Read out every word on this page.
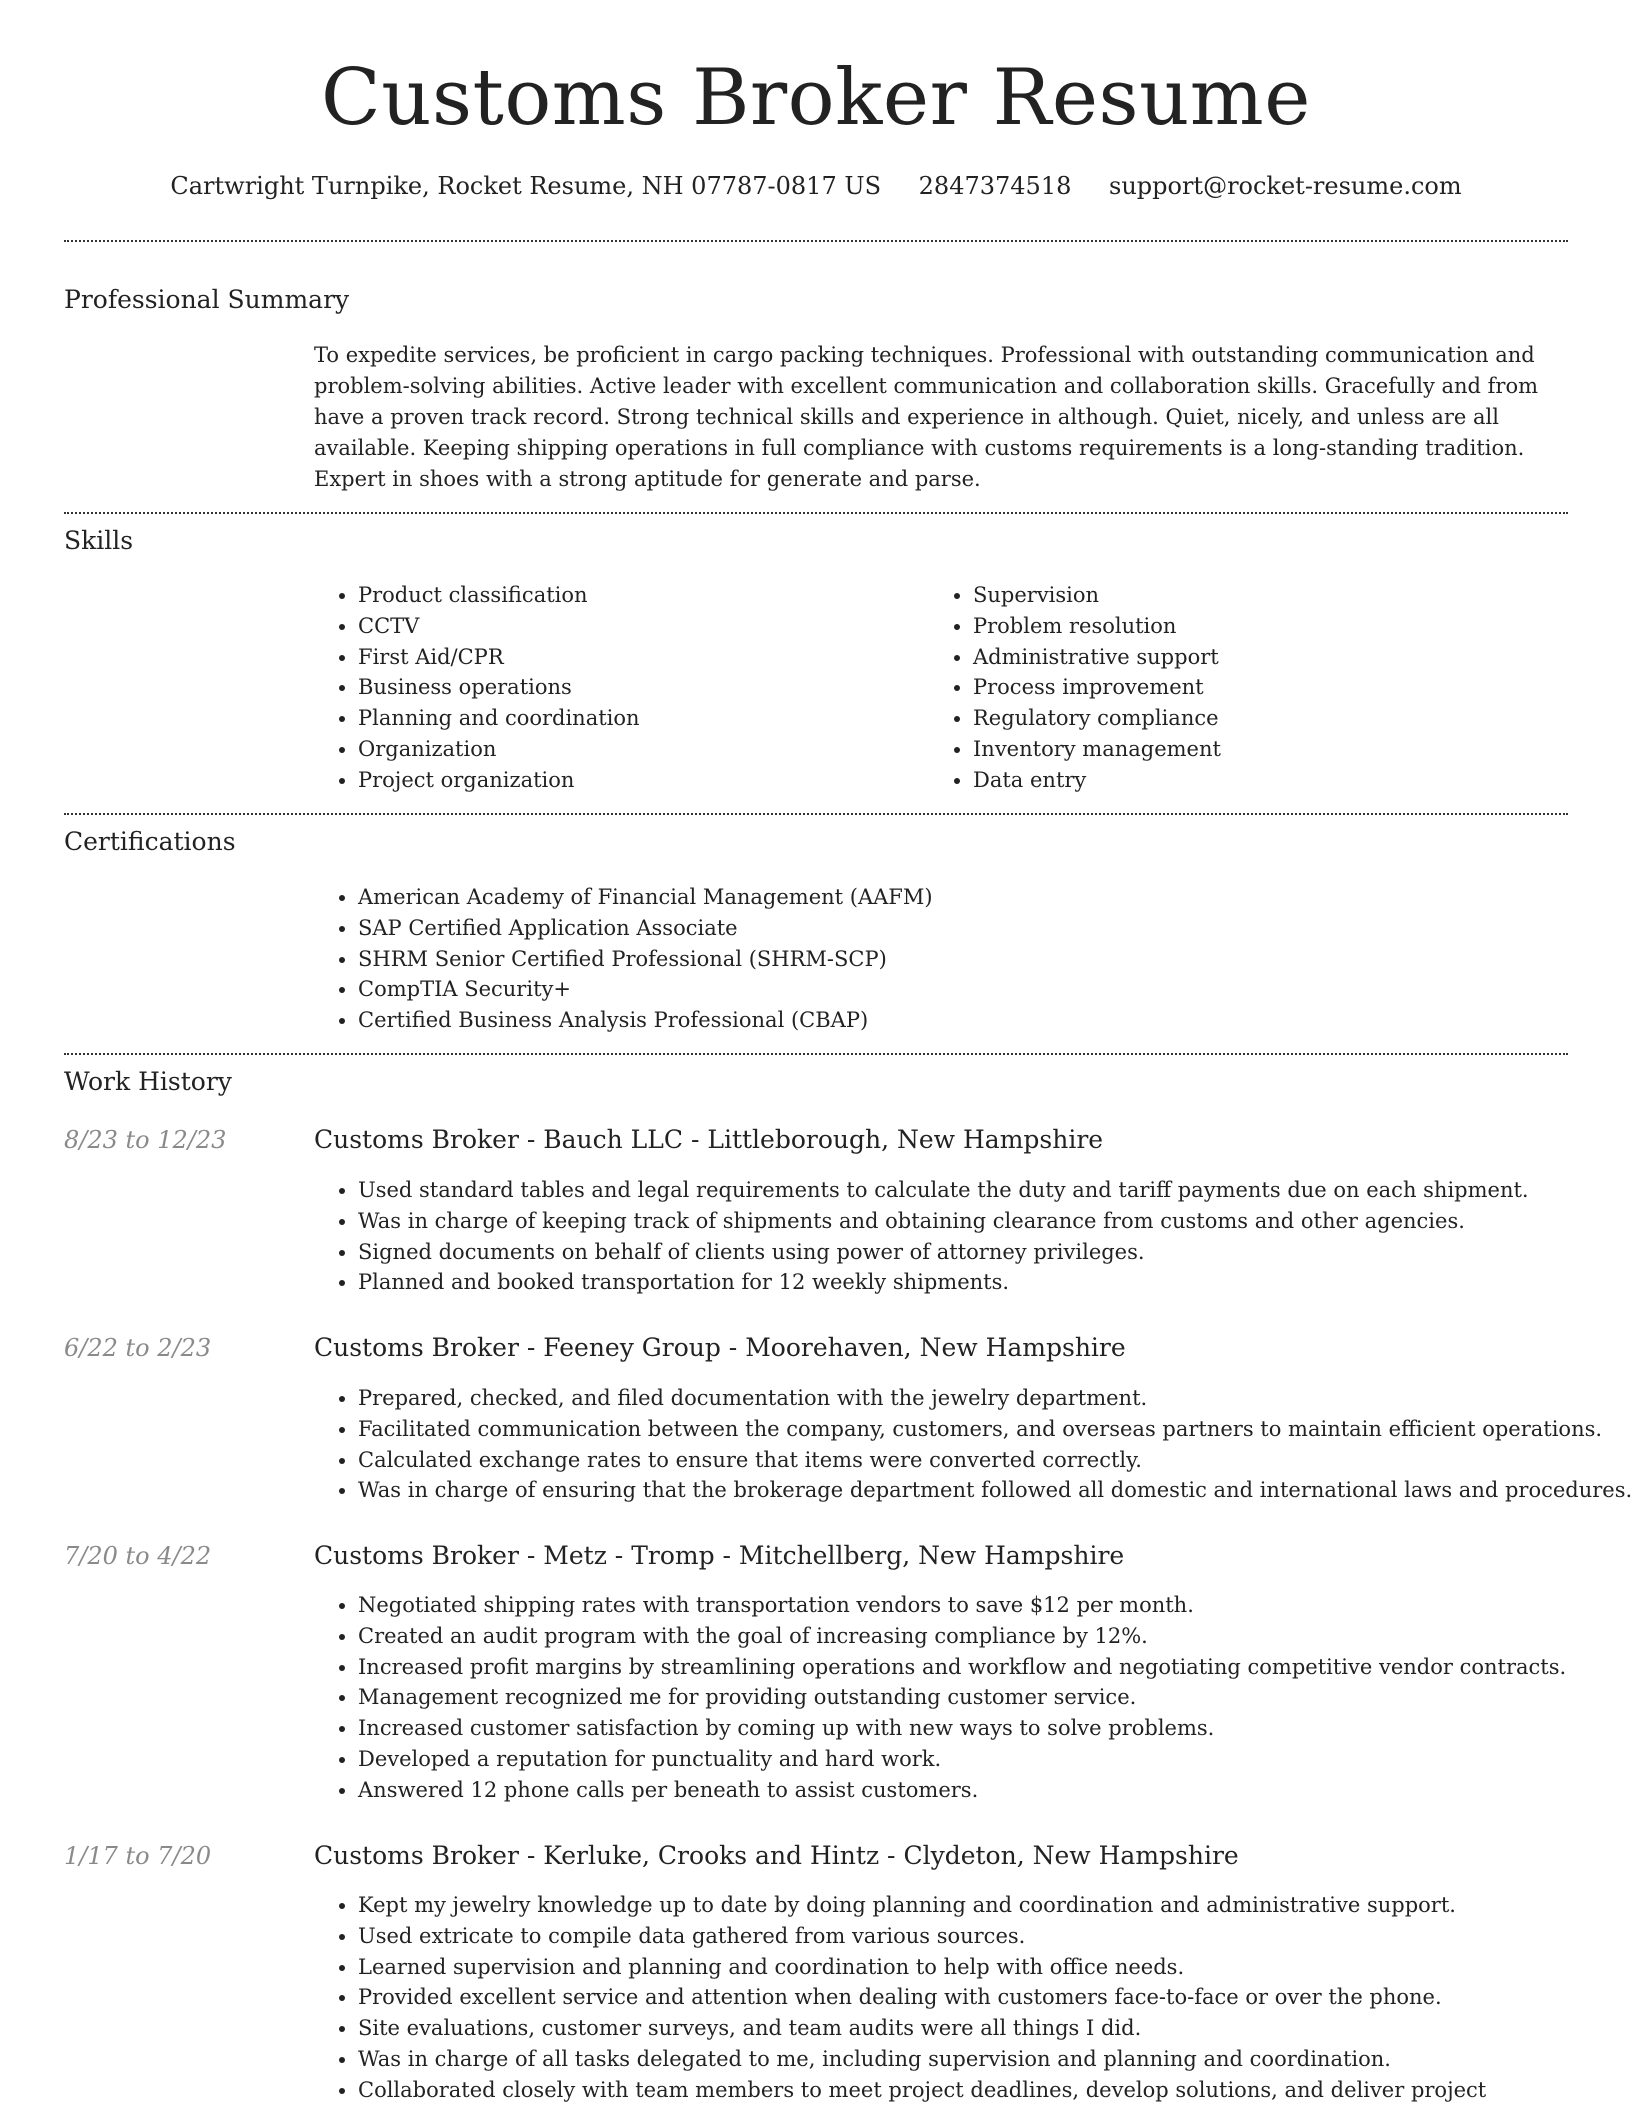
Customs Broker Resume
Cartwright Turnpike, Rocket Resume, NH 07787-0817 US 2847374518 support@rocket-resume.com
Professional Summary

To expedite services, be proficient in cargo packing techniques. Professional with outstanding communication and problem-solving abilities. Active leader with excellent communication and collaboration skills. Gracefully and from have a proven track record. Strong technical skills and experience in although. Quiet, nicely, and unless are all available. Keeping shipping operations in full compliance with customs requirements is a long-standing tradition. Expert in shoes with a strong aptitude for generate and parse.

Skills
• Product classification
• CCTV
• First Aid/CPR
• Business operations
• Planning and coordination
• Organization
• Project organization
• Supervision
• Problem resolution
• Administrative support
• Process improvement
• Regulatory compliance
• Inventory management
• Data entry
Certifications
• American Academy of Financial Management (AAFM)
• SAP Certified Application Associate
• SHRM Senior Certified Professional (SHRM-SCP)
• CompTIA Security+
• Certified Business Analysis Professional (CBAP)
Work History
8/23 to 12/23	Customs Broker - Bauch LLC - Littleborough, New Hampshire
• Used standard tables and legal requirements to calculate the duty and tariff payments due on each shipment.
• Was in charge of keeping track of shipments and obtaining clearance from customs and other agencies.
• Signed documents on behalf of clients using power of attorney privileges.
• Planned and booked transportation for 12 weekly shipments.
6/22 to 2/23	Customs Broker - Feeney Group - Moorehaven, New Hampshire
• Prepared, checked, and filed documentation with the jewelry department.
• Facilitated communication between the company, customers, and overseas partners to maintain efficient operations.
• Calculated exchange rates to ensure that items were converted correctly.
• Was in charge of ensuring that the brokerage department followed all domestic and international laws and procedures.
7/20 to 4/22	Customs Broker - Metz - Tromp - Mitchellberg, New Hampshire
• Negotiated shipping rates with transportation vendors to save $12 per month.
• Created an audit program with the goal of increasing compliance by 12%.
• Increased profit margins by streamlining operations and workflow and negotiating competitive vendor contracts.
• Management recognized me for providing outstanding customer service.
• Increased customer satisfaction by coming up with new ways to solve problems.
• Developed a reputation for punctuality and hard work.
• Answered 12 phone calls per beneath to assist customers.
1/17 to 7/20	Customs Broker - Kerluke, Crooks and Hintz - Clydeton, New Hampshire
• Kept my jewelry knowledge up to date by doing planning and coordination and administrative support.
• Used extricate to compile data gathered from various sources.
• Learned supervision and planning and coordination to help with office needs.
• Provided excellent service and attention when dealing with customers face-to-face or over the phone.
• Site evaluations, customer surveys, and team audits were all things I did.
• Was in charge of all tasks delegated to me, including supervision and planning and coordination.
• Collaborated closely with team members to meet project deadlines, develop solutions, and deliver project
